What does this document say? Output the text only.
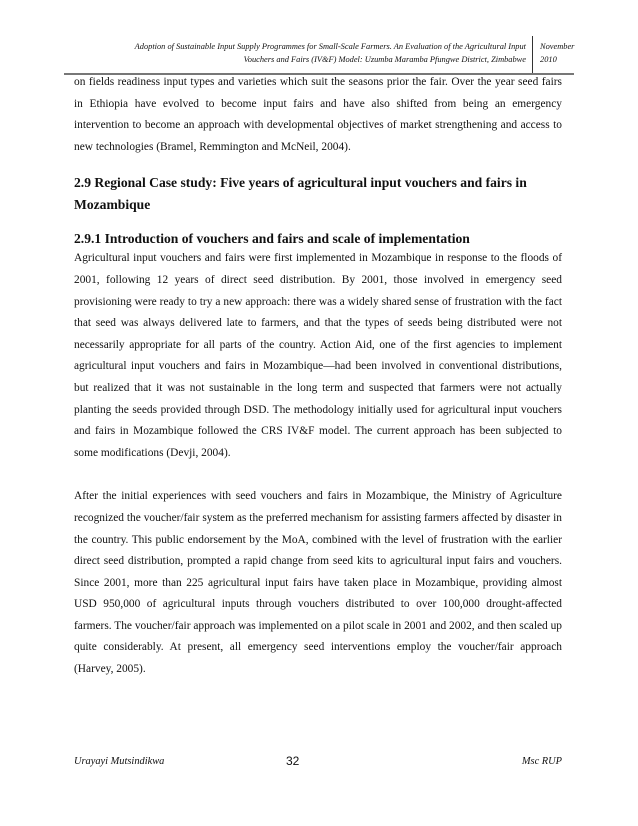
Adoption of Sustainable Input Supply Programmes for Small-Scale Farmers. An Evaluation of the Agricultural Input
Vouchers and Fairs (IV&F) Model: Uzumba Maramba Pfungwe District, Zimbabwe
November
2010

on fields readiness input types and varieties which suit the seasons prior the fair. Over the year seed fairs in Ethiopia have evolved to become input fairs and have also shifted from being an emergency intervention to become an approach with developmental objectives of market strengthening and access to new technologies (Bramel, Remmington and McNeil, 2004).

2.9 Regional Case study: Five years of agricultural input vouchers and fairs in Mozambique
2.9.1 Introduction of vouchers and fairs and scale of implementation

Agricultural input vouchers and fairs were first implemented in Mozambique in response to the floods of 2001, following 12 years of direct seed distribution. By 2001, those involved in emergency seed provisioning were ready to try a new approach: there was a widely shared sense of frustration with the fact that seed was always delivered late to farmers, and that the types of seeds being distributed were not necessarily appropriate for all parts of the country. Action Aid, one of the first agencies to implement agricultural input vouchers and fairs in Mozambique—had been involved in conventional distributions, but realized that it was not sustainable in the long term and suspected that farmers were not actually planting the seeds provided through DSD. The methodology initially used for agricultural input vouchers and fairs in Mozambique followed the CRS IV&F model. The current approach has been subjected to some modifications (Devji, 2004).

After the initial experiences with seed vouchers and fairs in Mozambique, the Ministry of Agriculture recognized the voucher/fair system as the preferred mechanism for assisting farmers affected by disaster in the country. This public endorsement by the MoA, combined with the level of frustration with the earlier direct seed distribution, prompted a rapid change from seed kits to agricultural input fairs and vouchers. Since 2001, more than 225 agricultural input fairs have taken place in Mozambique, providing almost USD 950,000 of agricultural inputs through vouchers distributed to over 100,000 drought-affected farmers. The voucher/fair approach was implemented on a pilot scale in 2001 and 2002, and then scaled up quite considerably. At present, all emergency seed interventions employ the voucher/fair approach (Harvey, 2005).

Urayayi Mutsindikwa	32	Msc RUP
